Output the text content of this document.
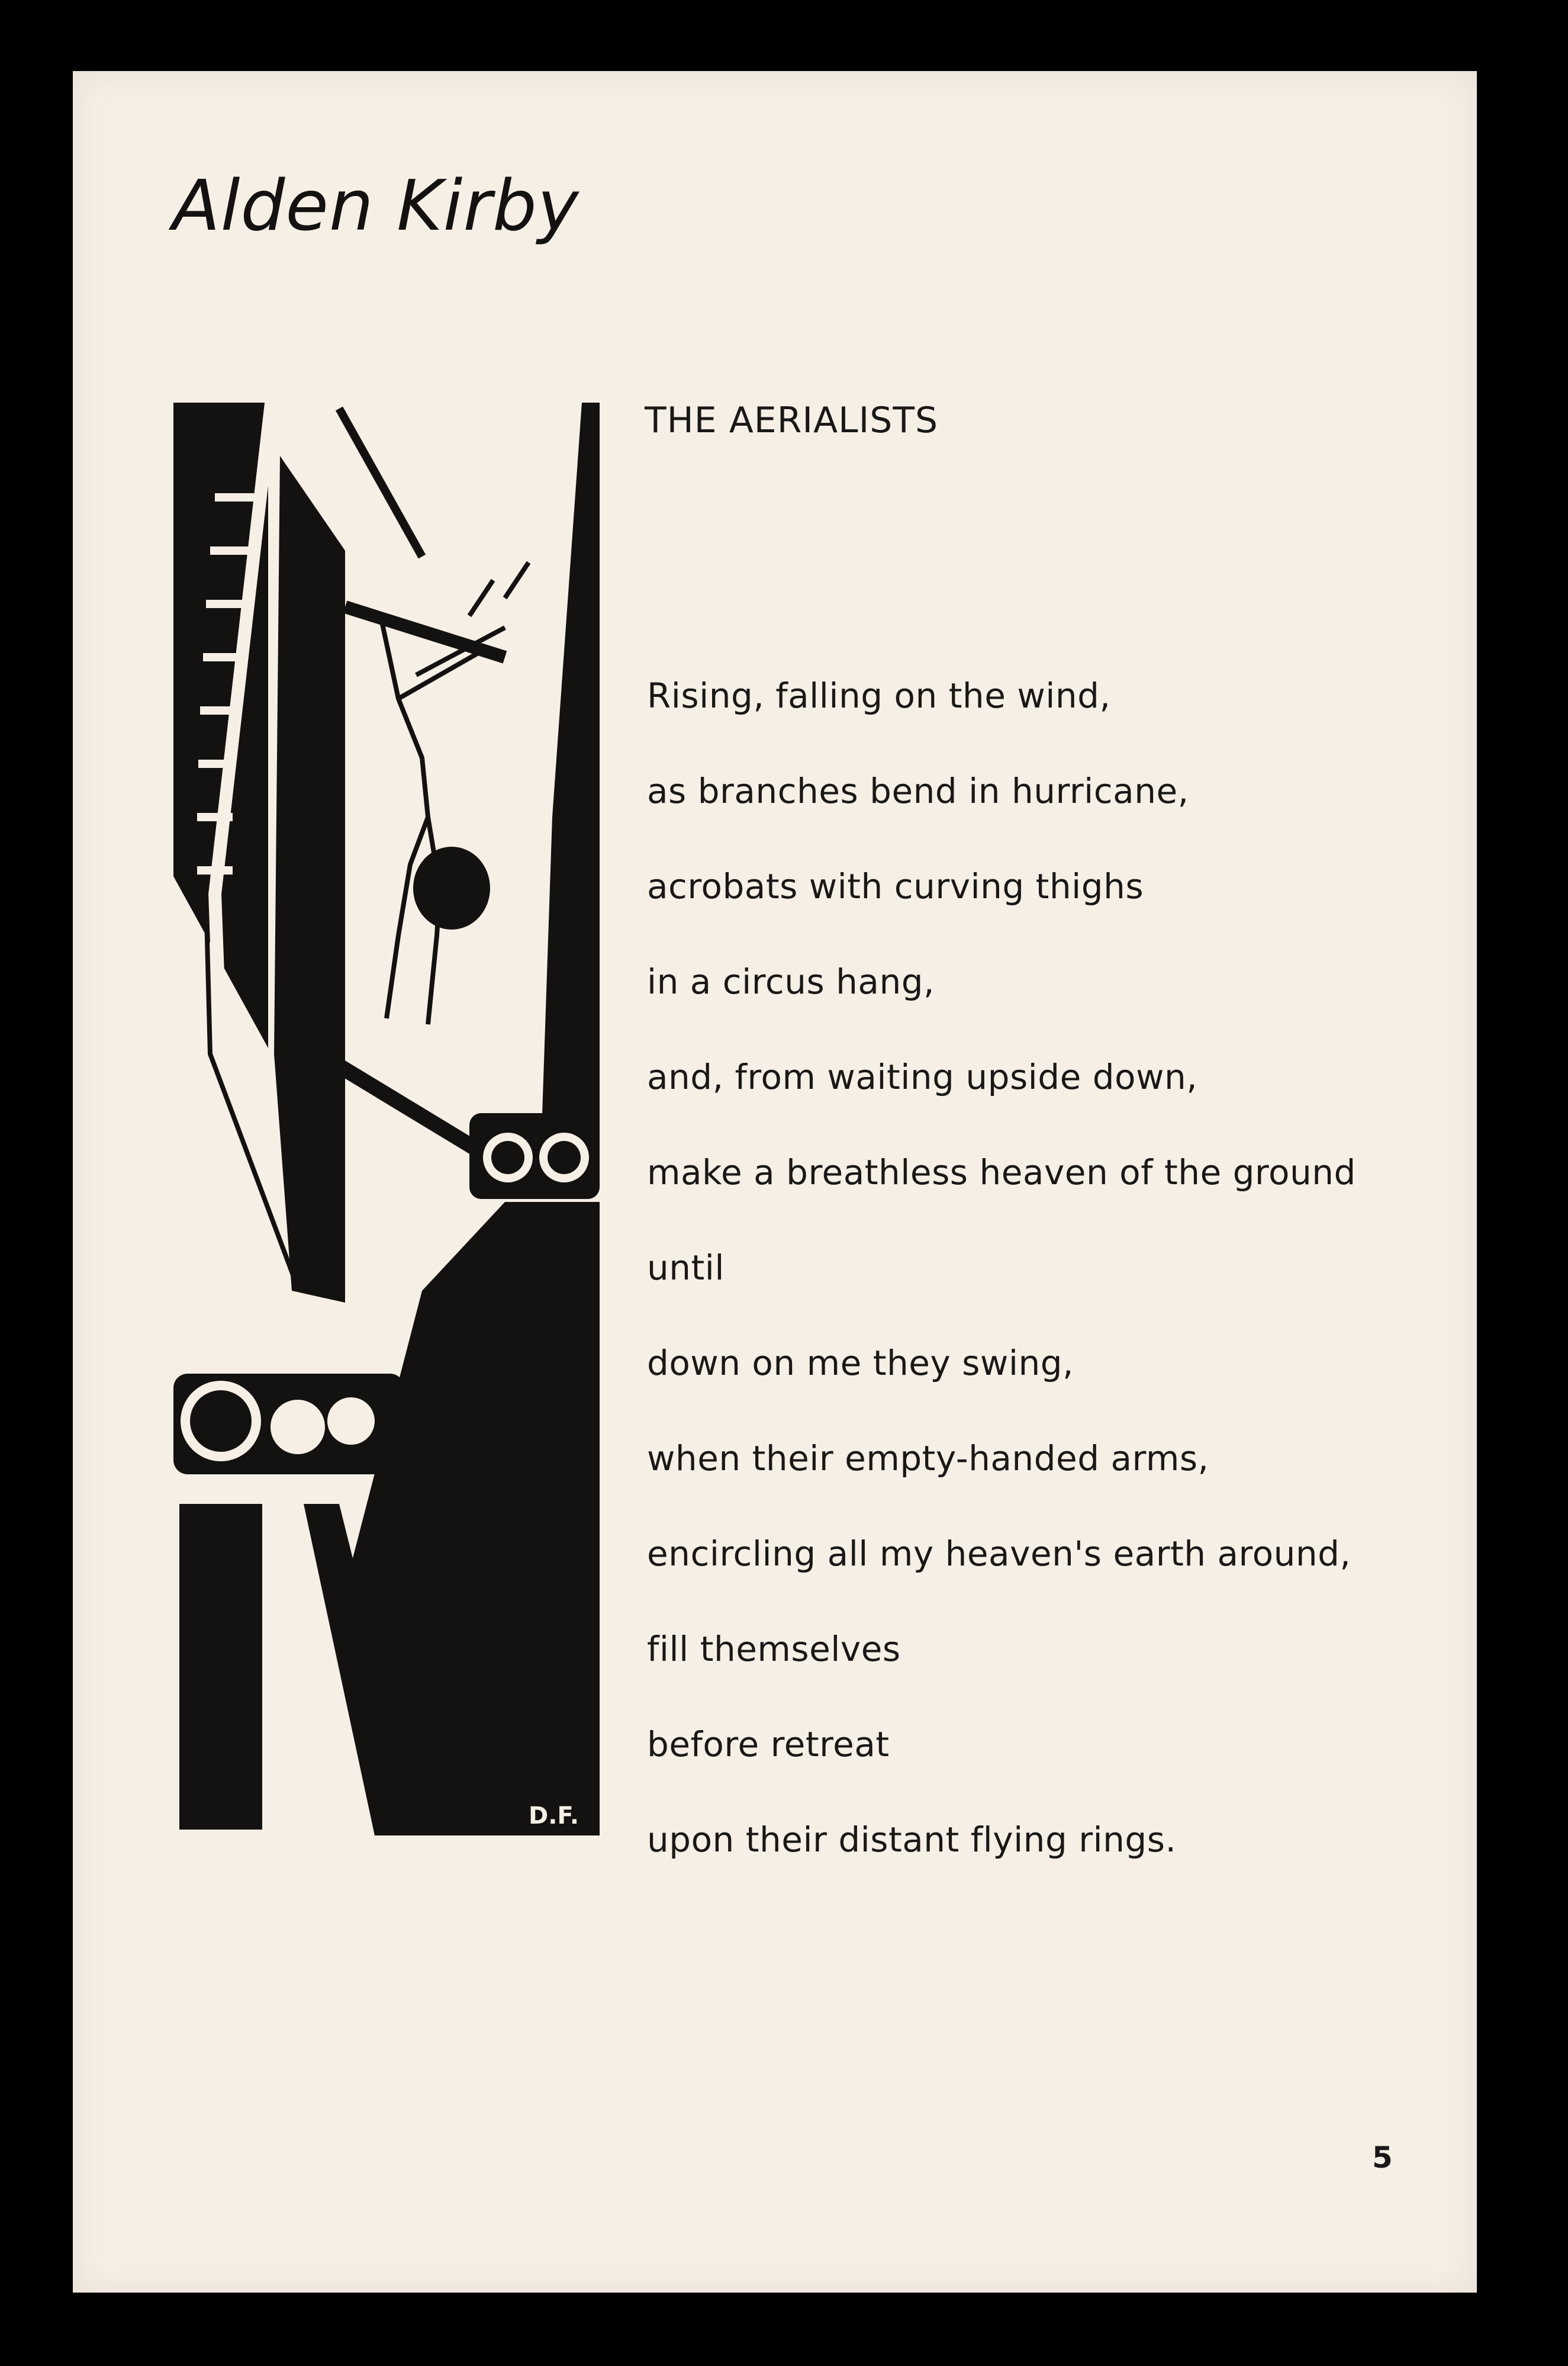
Alden Kirby
D.F.
THE AERIALISTS
Rising, falling on the wind,
as branches bend in hurricane,
acrobats with curving thighs
in a circus hang,
and, from waiting upside down,
make a breathless heaven of the ground
until
down on me they swing,
when their empty-handed arms,
encircling all my heaven's earth around,
fill themselves
before retreat
upon their distant flying rings.
5
